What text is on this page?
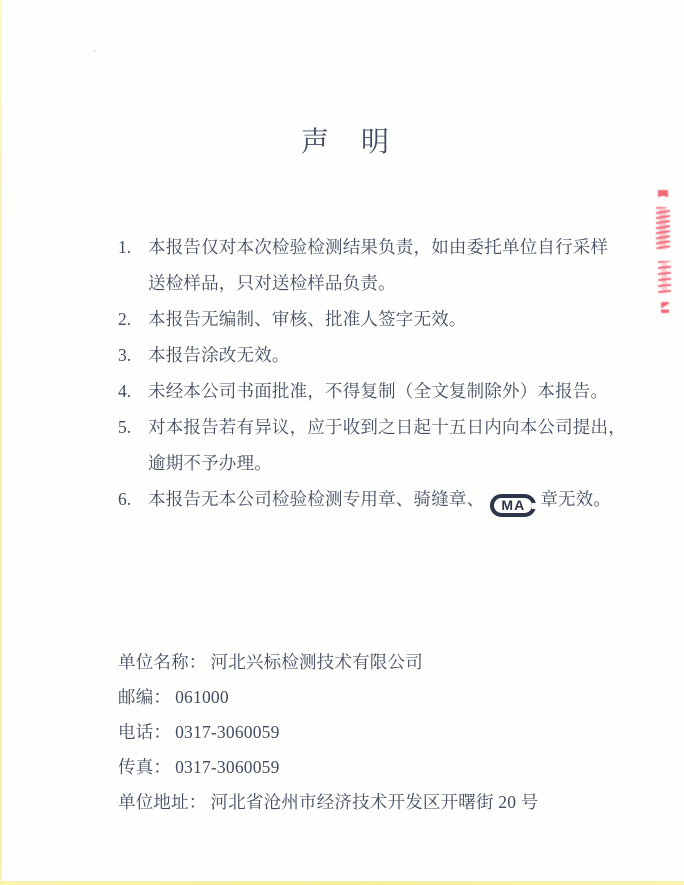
声　明
1. 本报告仅对本次检验检测结果负责，如由委托单位自行采样
送检样品，只对送检样品负责。
2. 本报告无编制、审核、批准人签字无效。
3. 本报告涂改无效。
4. 未经本公司书面批准，不得复制（全文复制除外）本报告。
5. 对本报告若有异议，应于收到之日起十五日内向本公司提出，
逾期不予办理。
6. 本报告无本公司检验检测专用章、骑缝章、 MA 章无效。
单位名称： 河北兴标检测技术有限公司
邮编： 061000
电话： 0317-3060059
传真： 0317-3060059
单位地址： 河北省沧州市经济技术开发区开曙街 20 号
